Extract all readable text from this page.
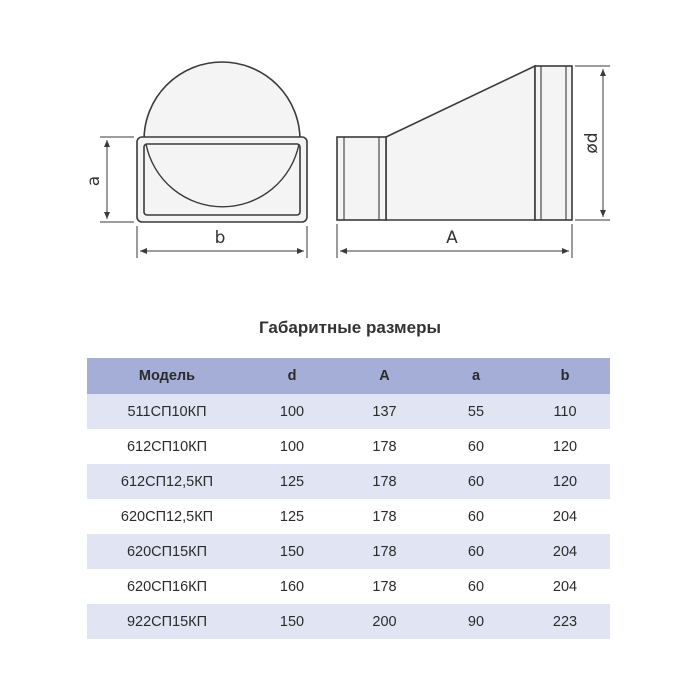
a
b	A
ød
Габаритные размеры
Модель	d	A	a	b
511СП10КП	100	137	55	110
612СП10КП	100	178	60	120
612СП12,5КП	125	178	60	120
620СП12,5КП	125	178	60	204
620СП15КП	150	178	60	204
620СП16КП	160	178	60	204
922СП15КП	150	200	90	223
